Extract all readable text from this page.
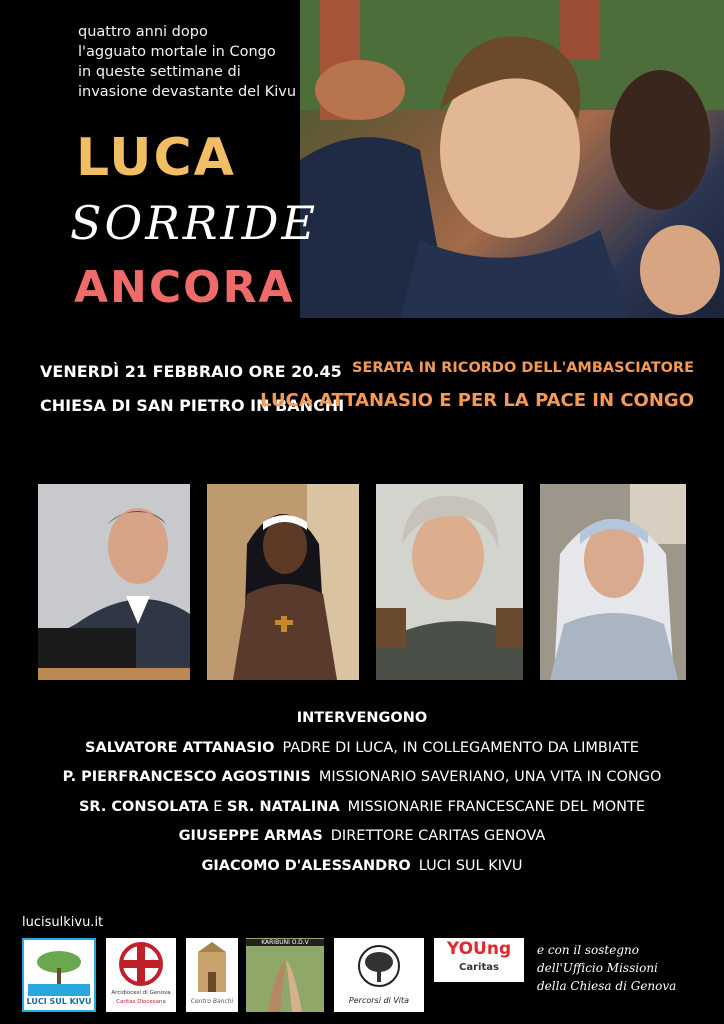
quattro anni dopo
l'agguato mortale in Congo
in queste settimane di
invasione devastante del Kivu
LUCA
SORRIDE
ANCORA
VENERDÌ 21 FEBBRAIO ORE 20.45
CHIESA DI SAN PIETRO IN BANCHI
SERATA IN RICORDO DELL'AMBASCIATORE
LUCA ATTANASIO E PER LA PACE IN CONGO
INTERVENGONO
SALVATORE ATTANASIO PADRE DI LUCA, IN COLLEGAMENTO DA LIMBIATE
P. PIERFRANCESCO AGOSTINIS MISSIONARIO SAVERIANO, UNA VITA IN CONGO
SR. CONSOLATA E SR. NATALINA MISSIONARIE FRANCESCANE DEL MONTE
GIUSEPPE ARMAS DIRETTORE CARITAS GENOVA
GIACOMO D'ALESSANDRO LUCI SUL KIVU
lucisulkivu.it
LUCI SUL KIVU
Arcidiocesi di Genova
Caritas Diocesana	Centro Banchi
KARIBUNI O.D.V
Percorsi di Vita
YOUng
Caritas
e con il sostegno
dell'Ufficio Missioni
della Chiesa di Genova
